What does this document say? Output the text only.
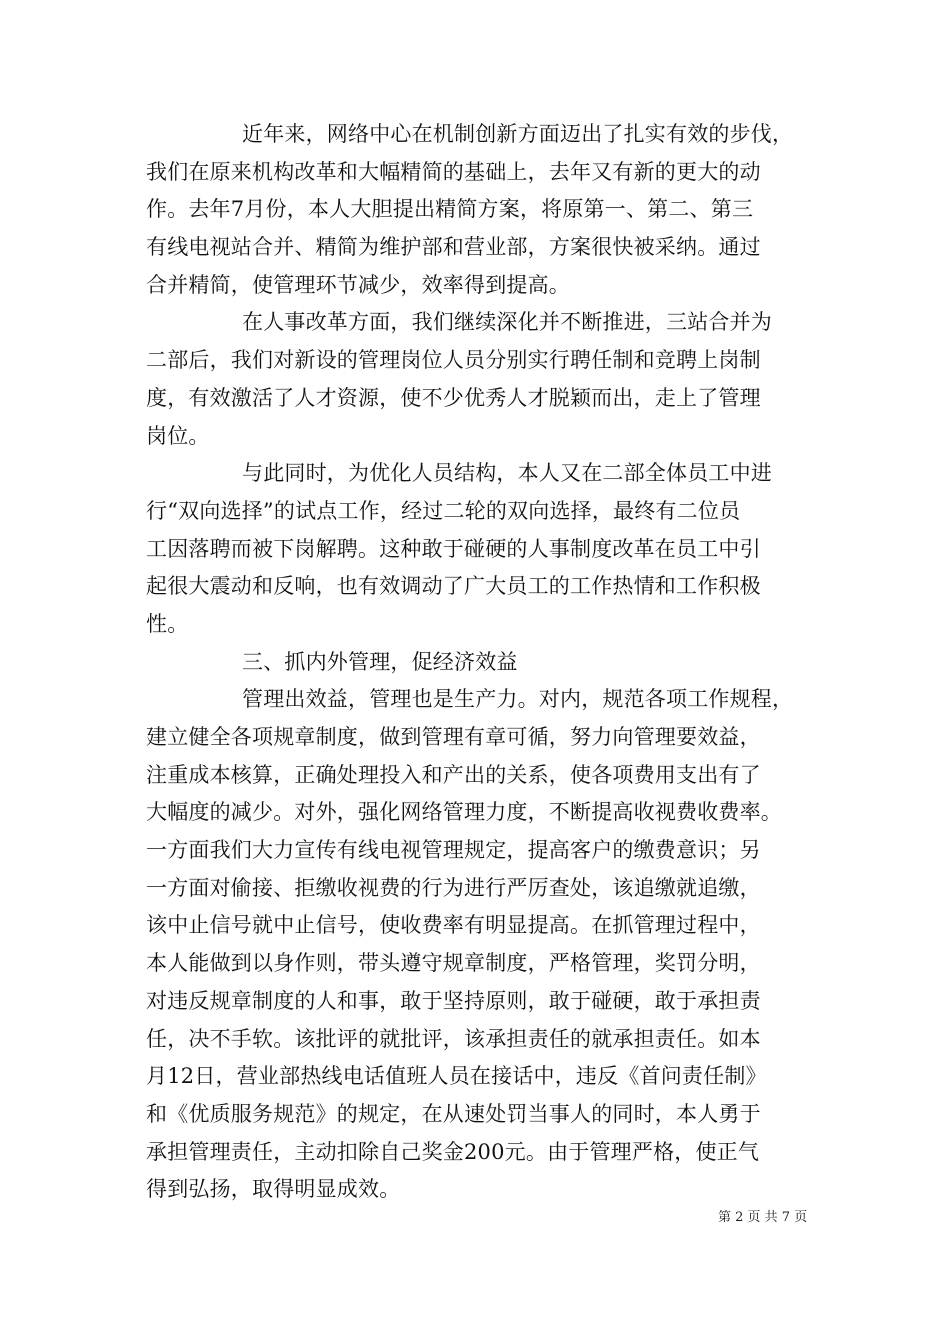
近年来，网络中心在机制创新方面迈出了扎实有效的步伐，
我们在原来机构改革和大幅精简的基础上，去年又有新的更大的动
作。去年7月份，本人大胆提出精简方案，将原第一、第二、第三
有线电视站合并、精简为维护部和营业部，方案很快被采纳。通过
合并精简，使管理环节减少，效率得到提高。
在人事改革方面，我们继续深化并不断推进，三站合并为
二部后，我们对新设的管理岗位人员分别实行聘任制和竞聘上岗制
度，有效激活了人才资源，使不少优秀人才脱颖而出，走上了管理
岗位。
与此同时，为优化人员结构，本人又在二部全体员工中进
行“双向选择”的试点工作，经过二轮的双向选择，最终有二位员
工因落聘而被下岗解聘。这种敢于碰硬的人事制度改革在员工中引
起很大震动和反响，也有效调动了广大员工的工作热情和工作积极
性。
三、抓内外管理，促经济效益
管理出效益，管理也是生产力。对内，规范各项工作规程，
建立健全各项规章制度，做到管理有章可循，努力向管理要效益，
注重成本核算，正确处理投入和产出的关系，使各项费用支出有了
大幅度的减少。对外，强化网络管理力度，不断提高收视费收费率。
一方面我们大力宣传有线电视管理规定，提高客户的缴费意识；另
一方面对偷接、拒缴收视费的行为进行严厉查处，该追缴就追缴，
该中止信号就中止信号，使收费率有明显提高。在抓管理过程中，
本人能做到以身作则，带头遵守规章制度，严格管理，奖罚分明，
对违反规章制度的人和事，敢于坚持原则，敢于碰硬，敢于承担责
任，决不手软。该批评的就批评，该承担责任的就承担责任。如本
月12日，营业部热线电话值班人员在接话中，违反《首问责任制》
和《优质服务规范》的规定，在从速处罚当事人的同时，本人勇于
承担管理责任，主动扣除自己奖金200元。由于管理严格，使正气
得到弘扬，取得明显成效。
第 2 页 共 7 页
